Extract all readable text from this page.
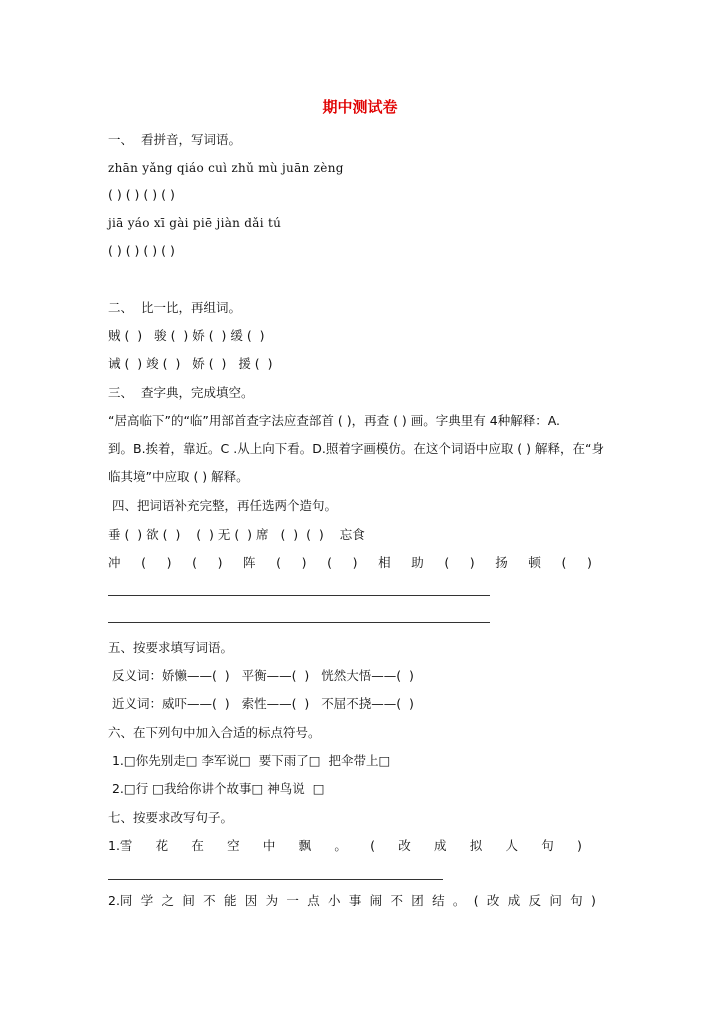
期中测试卷
一、  看拼音，写词语。
zhān yǎng qiáo cuì zhǔ mù juān zèng
( ) ( ) ( ) ( )
jiā yáo xī gài piē jiàn dǎi tú
( ) ( ) ( ) ( )
二、  比一比，再组词。
贼 (  )   骏 (  ) 娇 (  ) 缓 (  )
诫 (  ) 竣 (  )   娇 (  )   援 (  )
三、  查字典，完成填空。
“居高临下”的“临”用部首查字法应查部首 ( )，再查 ( ) 画。字典里有 4种解释：A.
到。B.挨着，靠近。C .从上向下看。D.照着字画模仿。在这个词语中应取 ( ) 解释，在“身
临其境”中应取 ( ) 解释。
四、把词语补充完整，再任选两个造句。
垂 (  ) 欲 (  )    (  ) 无 (  ) 席   (  )  (  )    忘食
冲 ( ) ( ) 阵 ( ) ( ) 相 助 ( ) 扬 顿 ( )
五、按要求填写词语。
反义词：娇懒——(  )   平衡——(  )   恍然大悟——(  )
近义词：威吓——(  )   索性——(  )   不屈不挠——(  )
六、在下列句中加入合适的标点符号。
1.□你先别走□ 李军说□  要下雨了□  把伞带上□
2.□行 □我给你讲个故事□ 神鸟说  □
七、按要求改写句子。
1.雪 花 在 空 中 飘 。 ( 改 成 拟 人 句 )
2.同 学 之 间 不 能 因 为 一 点 小 事 闹 不 团 结 。 ( 改 成 反 问 句 )
